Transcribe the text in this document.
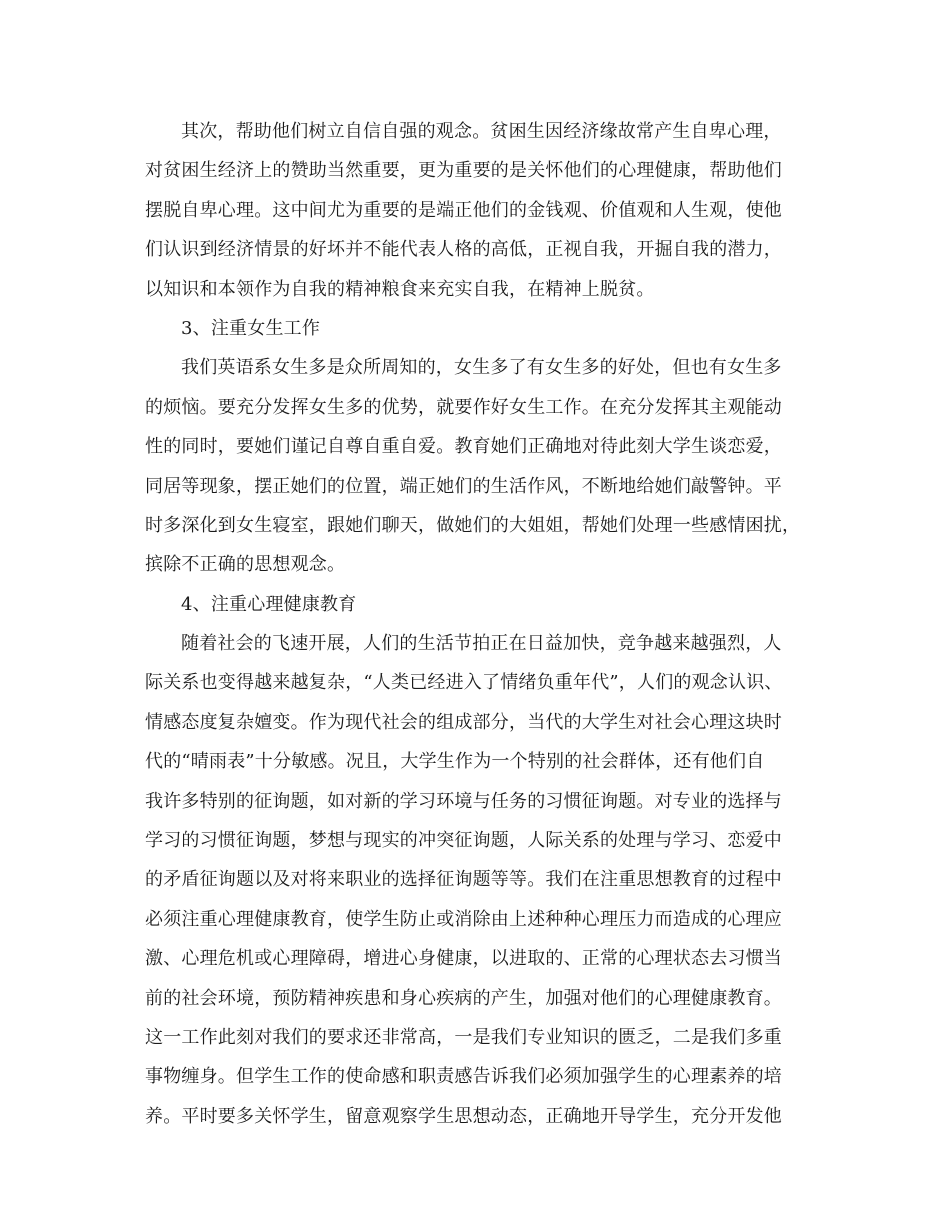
其次，帮助他们树立自信自强的观念。贫困生因经济缘故常产生自卑心理，
对贫困生经济上的赞助当然重要，更为重要的是关怀他们的心理健康，帮助他们
摆脱自卑心理。这中间尤为重要的是端正他们的金钱观、价值观和人生观，使他
们认识到经济情景的好坏并不能代表人格的高低，正视自我，开掘自我的潜力，
以知识和本领作为自我的精神粮食来充实自我，在精神上脱贫。
3、注重女生工作
我们英语系女生多是众所周知的，女生多了有女生多的好处，但也有女生多
的烦恼。要充分发挥女生多的优势，就要作好女生工作。在充分发挥其主观能动
性的同时，要她们谨记自尊自重自爱。教育她们正确地对待此刻大学生谈恋爱，
同居等现象，摆正她们的位置，端正她们的生活作风，不断地给她们敲警钟。平
时多深化到女生寝室，跟她们聊天，做她们的大姐姐，帮她们处理一些感情困扰，
摈除不正确的思想观念。
4、注重心理健康教育
随着社会的飞速开展，人们的生活节拍正在日益加快，竞争越来越强烈，人
际关系也变得越来越复杂，“人类已经进入了情绪负重年代”，人们的观念认识、
情感态度复杂嬗变。作为现代社会的组成部分，当代的大学生对社会心理这块时
代的“晴雨表”十分敏感。况且，大学生作为一个特别的社会群体，还有他们自
我许多特别的征询题，如对新的学习环境与任务的习惯征询题。对专业的选择与
学习的习惯征询题，梦想与现实的冲突征询题，人际关系的处理与学习、恋爱中
的矛盾征询题以及对将来职业的选择征询题等等。我们在注重思想教育的过程中
必须注重心理健康教育，使学生防止或消除由上述种种心理压力而造成的心理应
激、心理危机或心理障碍，增进心身健康，以进取的、正常的心理状态去习惯当
前的社会环境，预防精神疾患和身心疾病的产生，加强对他们的心理健康教育。
这一工作此刻对我们的要求还非常高，一是我们专业知识的匮乏，二是我们多重
事物缠身。但学生工作的使命感和职责感告诉我们必须加强学生的心理素养的培
养。平时要多关怀学生，留意观察学生思想动态，正确地开导学生，充分开发他
